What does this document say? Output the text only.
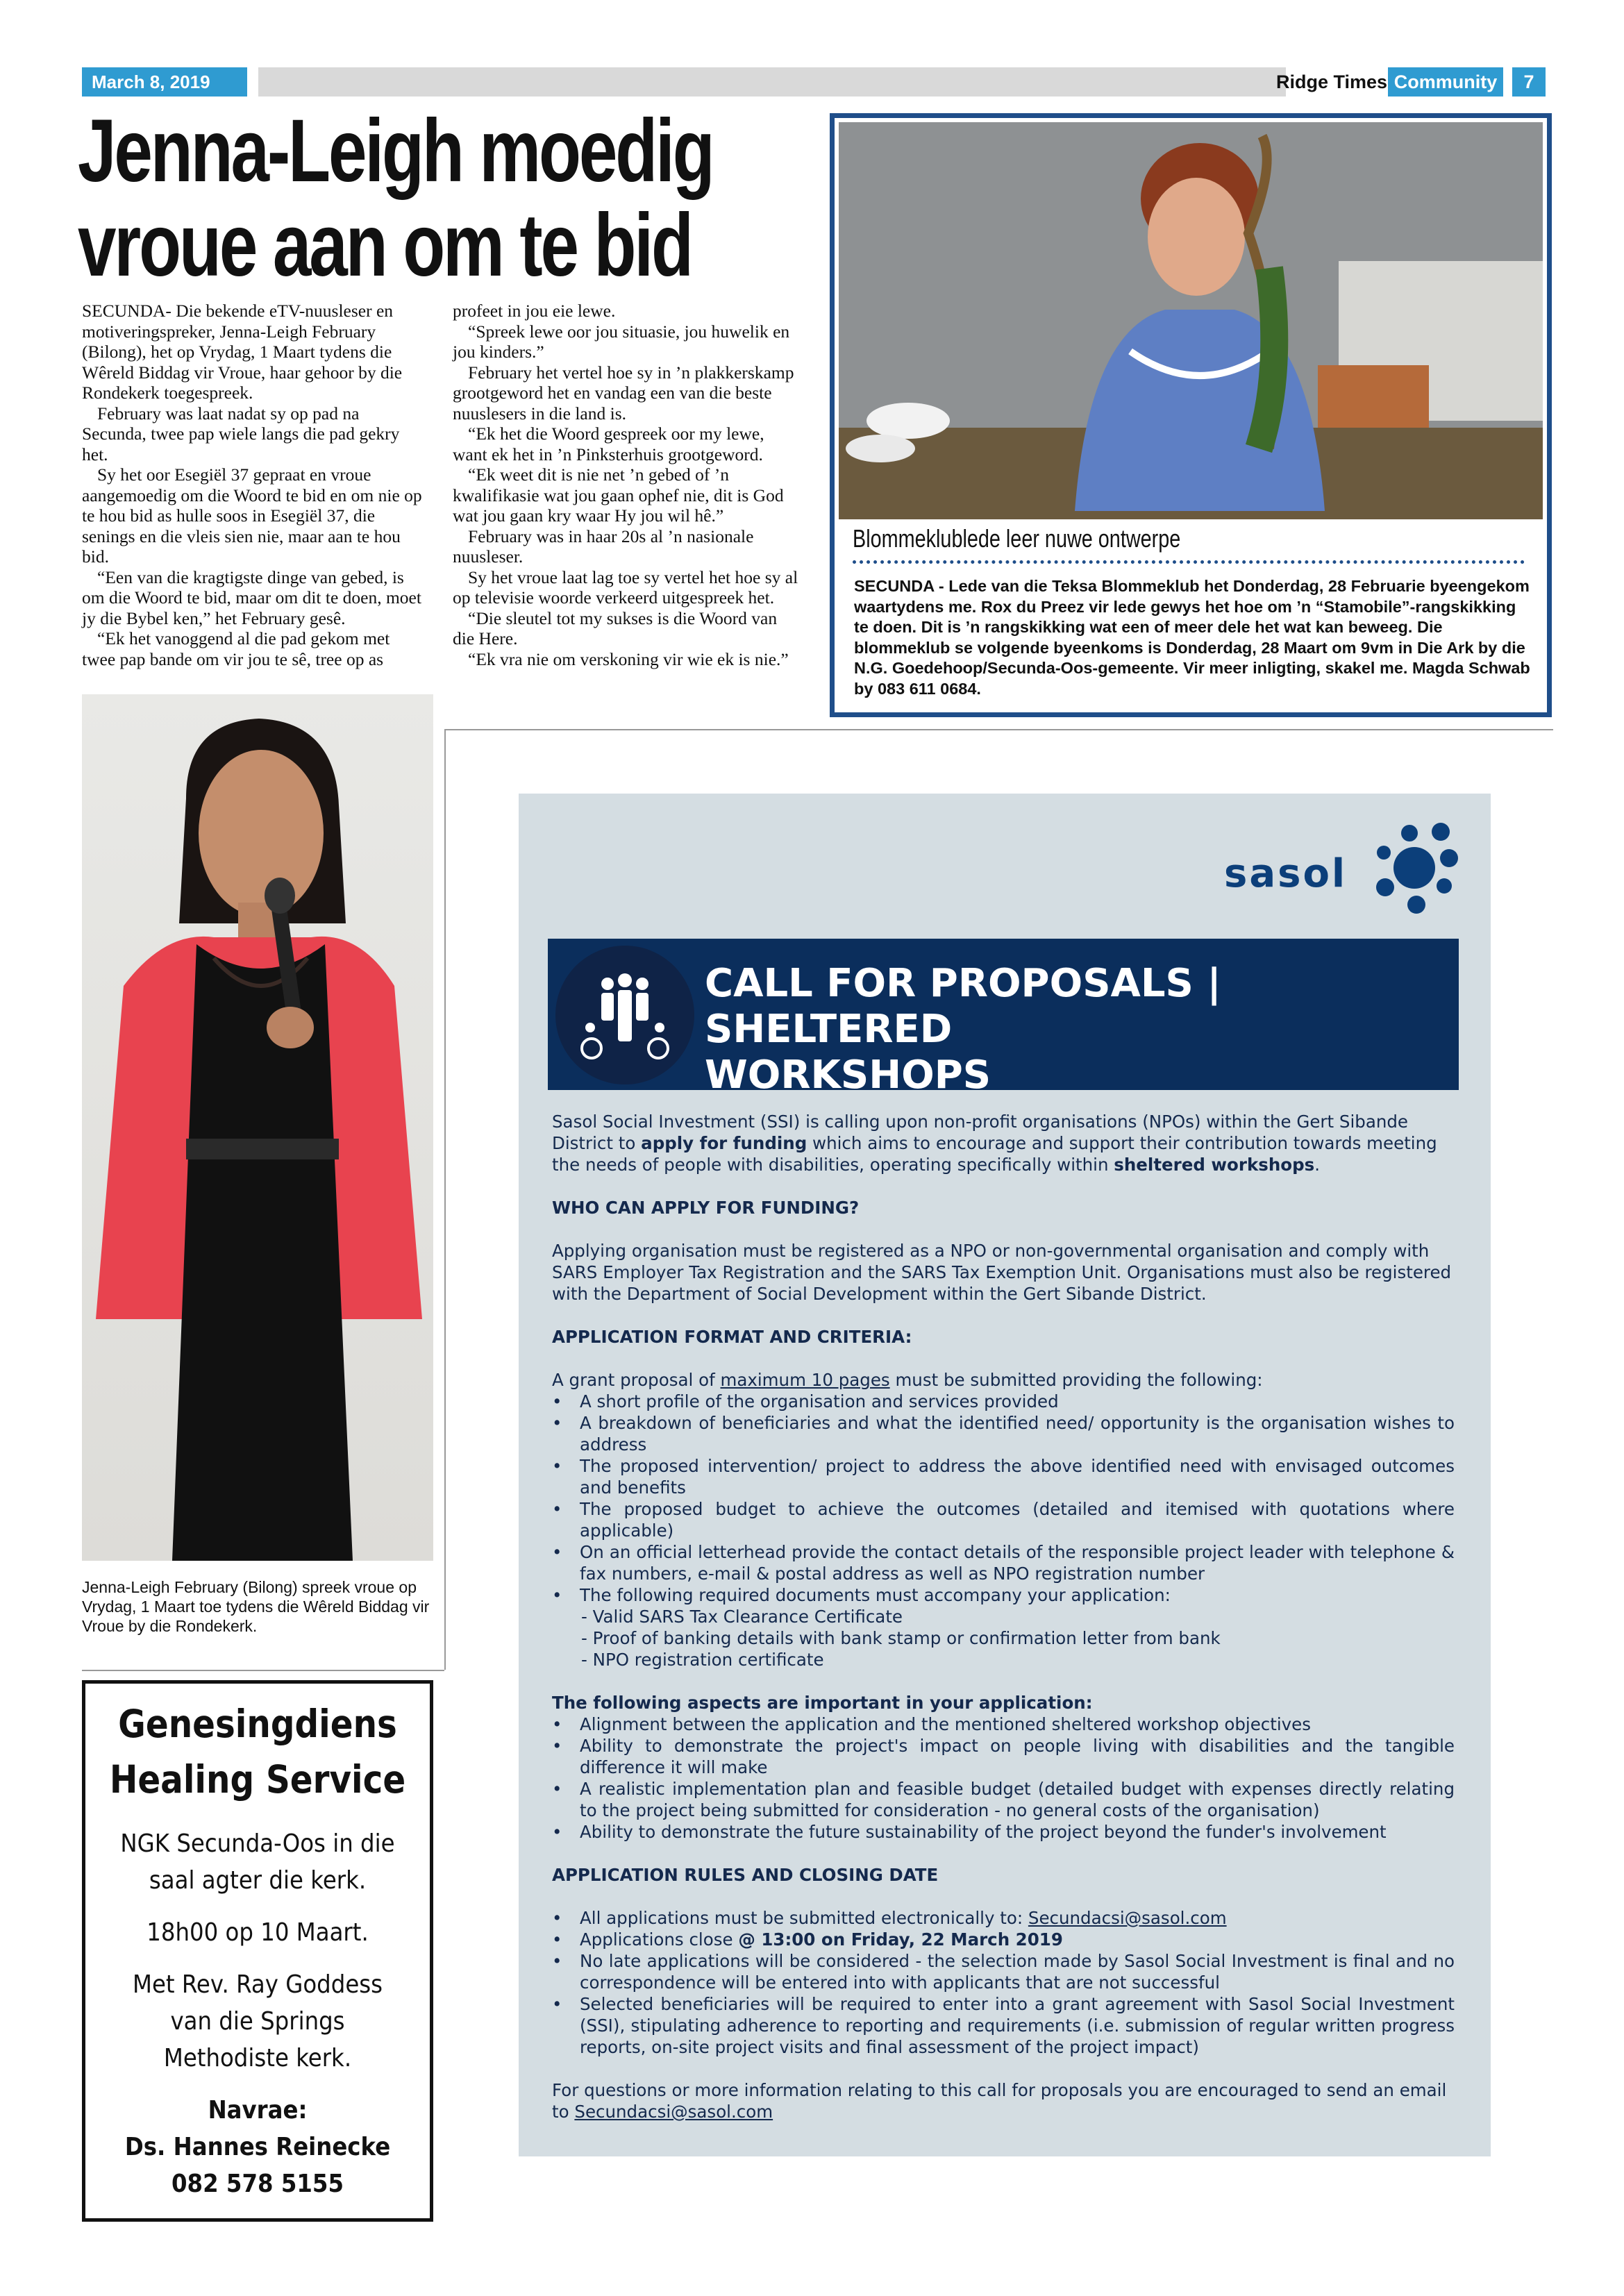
March 8, 2019	Ridge Times Community	7
Jenna-Leigh moedig
vroue aan om te bid

SECUNDA- Die bekende eTV-nuusleser en motiveringspreker, Jenna-Leigh February (Bilong), het op Vrydag, 1 Maart tydens die Wêreld Biddag vir Vroue, haar gehoor by die Rondekerk toegespreek.

February was laat nadat sy op pad na Secunda, twee pap wiele langs die pad gekry het.

Sy het oor Esegiël 37 gepraat en vroue aangemoedig om die Woord te bid en om nie op te hou bid as hulle soos in Esegiël 37, die senings en die vleis sien nie, maar aan te hou bid.

“Een van die kragtigste dinge van gebed, is om die Woord te bid, maar om dit te doen, moet jy die Bybel ken,” het February gesê.

“Ek het vanoggend al die pad gekom met twee pap bande om vir jou te sê, tree op as

profeet in jou eie lewe.

“Spreek lewe oor jou situasie, jou huwelik en jou kinders.”

February het vertel hoe sy in ’n plakkerskamp grootgeword het en vandag een van die beste nuuslesers in die land is.

“Ek het die Woord gespreek oor my lewe, want ek het in ’n Pinksterhuis grootgeword.

“Ek weet dit is nie net ’n gebed of ’n kwalifikasie wat jou gaan ophef nie, dit is God wat jou gaan kry waar Hy jou wil hê.”

February was in haar 20s al ’n nasionale nuusleser.

Sy het vroue laat lag toe sy vertel het hoe sy al op televisie woorde verkeerd uitgespreek het.

“Die sleutel tot my sukses is die Woord van die Here.

“Ek vra nie om verskoning vir wie ek is nie.”

Jenna-Leigh February (Bilong) spreek vroue op Vrydag, 1 Maart toe tydens die Wêreld Biddag vir Vroue by die Rondekerk.
Genesingdiens
Healing Service
NGK Secunda-Oos in die
saal agter die kerk.
18h00 op 10 Maart.
Met Rev. Ray Goddess
van die Springs
Methodiste kerk.
Navrae:
Ds. Hannes Reinecke
082 578 5155
Blommeklublede leer nuwe ontwerpe
SECUNDA - Lede van die Teksa Blommeklub het Donderdag, 28 Februarie byeengekom waartydens me. Rox du Preez vir lede gewys het hoe om ’n “Stamobile”-rangskikking te doen. Dit is ’n rangskikking wat een of meer dele het wat kan beweeg. Die blommeklub se volgende byeenkoms is Donderdag, 28 Maart om 9vm in Die Ark by die N.G. Goedehoop/Secunda-Oos-gemeente. Vir meer inligting, skakel me. Magda Schwab by 083 611 0684.
sasol
CALL FOR PROPOSALS | SHELTERED
WORKSHOPS

Sasol Social Investment (SSI) is calling upon non-profit organisations (NPOs) within the Gert Sibande District to apply for funding which aims to encourage and support their contribution towards meeting the needs of people with disabilities, operating specifically within sheltered workshops.

WHO CAN APPLY FOR FUNDING?

Applying organisation must be registered as a NPO or non-governmental organisation and comply with SARS Employer Tax Registration and the SARS Tax Exemption Unit. Organisations must also be registered with the Department of Social Development within the Gert Sibande District.

APPLICATION FORMAT AND CRITERIA:

A grant proposal of maximum 10 pages must be submitted providing the following:

• A short profile of the organisation and services provided
• A breakdown of beneficiaries and what the identified need/ opportunity is the organisation wishes to address
• The proposed intervention/ project to address the above identified need with envisaged outcomes and benefits
• The proposed budget to achieve the outcomes (detailed and itemised with quotations where applicable)
• On an official letterhead provide the contact details of the responsible project leader with telephone & fax numbers, e-mail & postal address as well as NPO registration number
• The following required documents must accompany your application:

- Valid SARS Tax Clearance Certificate

- Proof of banking details with bank stamp or confirmation letter from bank

- NPO registration certificate

The following aspects are important in your application:

• Alignment between the application and the mentioned sheltered workshop objectives
• Ability to demonstrate the project's impact on people living with disabilities and the tangible difference it will make
• A realistic implementation plan and feasible budget (detailed budget with expenses directly relating to the project being submitted for consideration - no general costs of the organisation)
• Ability to demonstrate the future sustainability of the project beyond the funder's involvement

APPLICATION RULES AND CLOSING DATE

• All applications must be submitted electronically to: Secundacsi@sasol.com
• Applications close @ 13:00 on Friday, 22 March 2019
• No late applications will be considered - the selection made by Sasol Social Investment is final and no correspondence will be entered into with applicants that are not successful
• Selected beneficiaries will be required to enter into a grant agreement with Sasol Social Investment (SSI), stipulating adherence to reporting and requirements (i.e. submission of regular written progress reports, on-site project visits and final assessment of the project impact)

For questions or more information relating to this call for proposals you are encouraged to send an email to Secundacsi@sasol.com
